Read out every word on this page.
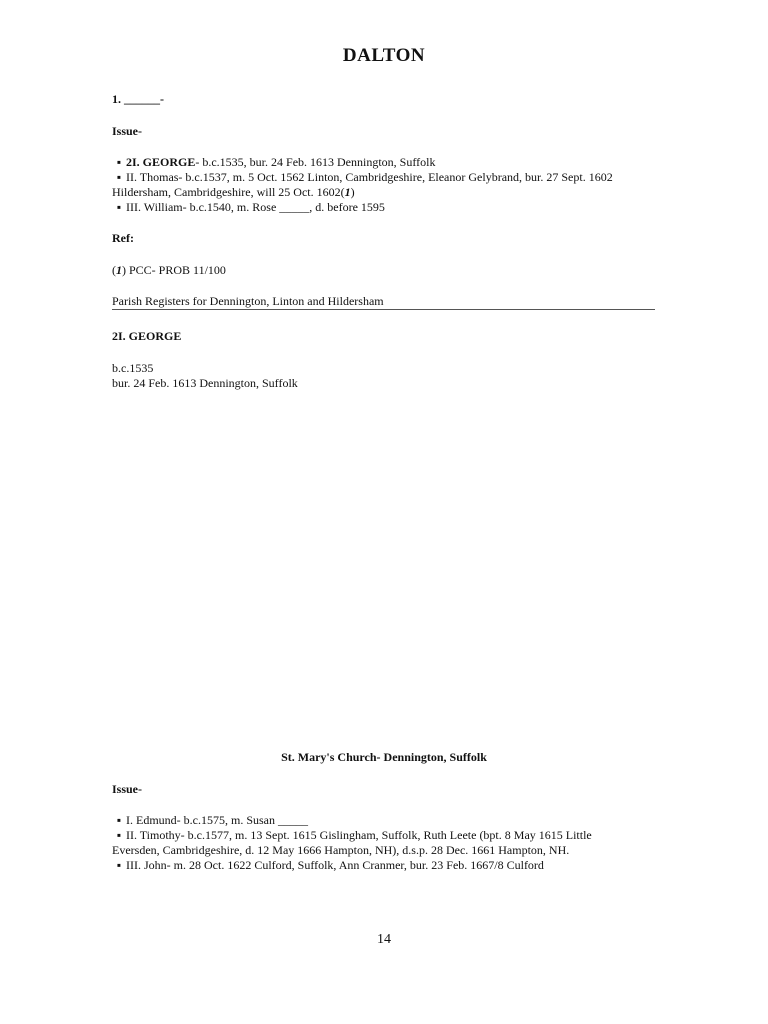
DALTON
1. ______-
Issue-
▪ 2I. GEORGE- b.c.1535, bur. 24 Feb. 1613 Dennington, Suffolk
▪ II. Thomas- b.c.1537, m. 5 Oct. 1562 Linton, Cambridgeshire, Eleanor Gelybrand, bur. 27 Sept. 1602
Hildersham, Cambridgeshire, will 25 Oct. 1602(1)
▪ III. William- b.c.1540, m. Rose _____, d. before 1595
Ref:
(1) PCC- PROB 11/100
Parish Registers for Dennington, Linton and Hildersham
2I. GEORGE
b.c.1535
bur. 24 Feb. 1613 Dennington, Suffolk
St. Mary's Church- Dennington, Suffolk
Issue-
▪ I. Edmund- b.c.1575, m. Susan _____
▪ II. Timothy- b.c.1577, m. 13 Sept. 1615 Gislingham, Suffolk, Ruth Leete (bpt. 8 May 1615 Little
Eversden, Cambridgeshire, d. 12 May 1666 Hampton, NH), d.s.p. 28 Dec. 1661 Hampton, NH.
▪ III. John- m. 28 Oct. 1622 Culford, Suffolk, Ann Cranmer, bur. 23 Feb. 1667/8 Culford
14
